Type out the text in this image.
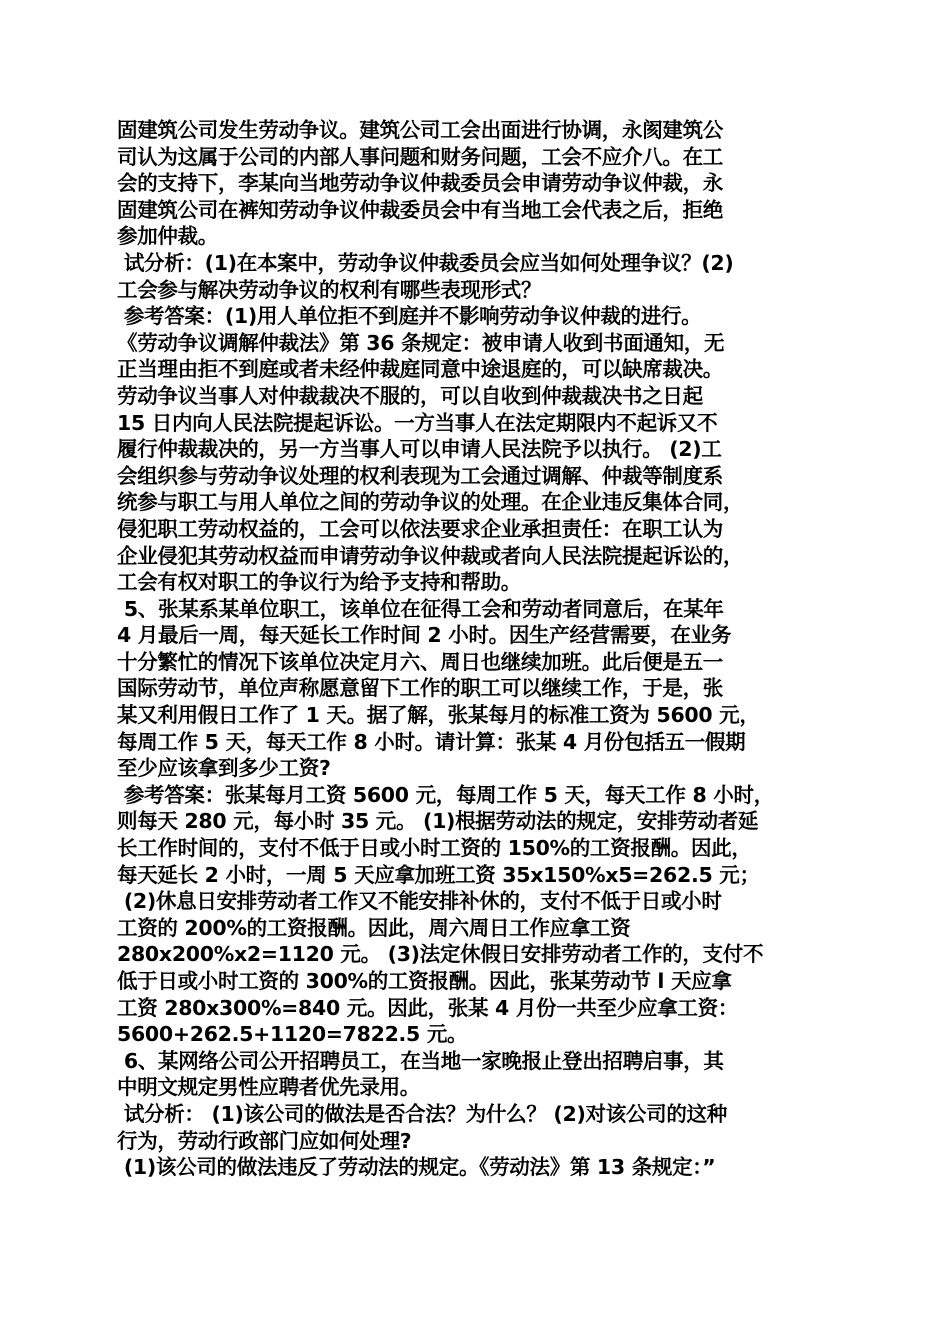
固建筑公司发生劳动争议。建筑公司工会出面进行协调，永阂建筑公
司认为这属于公司的内部人事问题和财务问题，工会不应介八。在工
会的支持下，李某向当地劳动争议仲裁委员会申请劳动争议仲裁，永
固建筑公司在裤知劳动争议仲裁委员会中有当地工会代表之后，拒绝
参加仲裁。
试分析：(1)在本案中，劳动争议仲裁委员会应当如何处理争议？(2)
工会参与解决劳动争议的权利有哪些表现形式？
参考答案：(1)用人单位拒不到庭并不影响劳动争议仲裁的进行。
《劳动争议调解仲裁法》第 36 条规定：被申请人收到书面通知，无
正当理由拒不到庭或者未经仲裁庭同意中途退庭的，可以缺席裁决。
劳动争议当事人对仲裁裁决不服的，可以自收到仲裁裁决书之日起
15 日内向人民法院提起诉讼。一方当事人在法定期限内不起诉又不
履行仲裁裁决的，另一方当事人可以申请人民法院予以执行。 (2)工
会组织参与劳动争议处理的权利表现为工会通过调解、仲裁等制度系
统参与职工与用人单位之间的劳动争议的处理。在企业违反集体合同，
侵犯职工劳动权益的，工会可以依法要求企业承担责任：在职工认为
企业侵犯其劳动权益而申请劳动争议仲裁或者向人民法院提起诉讼的，
工会有权对职工的争议行为给予支持和帮助。
5、张某系某单位职工，该单位在征得工会和劳动者同意后，在某年
4 月最后一周，每天延长工作时间 2 小时。因生产经营需要，在业务
十分繁忙的情况下该单位决定月六、周日也继续加班。此后便是五一
国际劳动节，单位声称愿意留下工作的职工可以继续工作，于是，张
某又利用假日工作了 1 天。据了解，张某每月的标准工资为 5600 元，
每周工作 5 天，每天工作 8 小时。请计算：张某 4 月份包括五一假期
至少应该拿到多少工资?
参考答案：张某每月工资 5600 元，每周工作 5 天，每天工作 8 小时，
则每天 280 元，每小时 35 元。 (1)根据劳动法的规定，安排劳动者延
长工作时间的，支付不低于日或小时工资的 150%的工资报酬。因此，
每天延长 2 小时，一周 5 天应拿加班工资 35x150%x5=262.5 元；
(2)休息日安排劳动者工作又不能安排补休的，支付不低于日或小时
工资的 200%的工资报酬。因此，周六周日工作应拿工资
280x200%x2=1120 元。 (3)法定休假日安排劳动者工作的，支付不
低于日或小时工资的 300%的工资报酬。因此，张某劳动节 l 天应拿
工资 280x300%=840 元。因此，张某 4 月份一共至少应拿工资：
5600+262.5+1120=7822.5 元。
6、某网络公司公开招聘员工，在当地一家晚报止登出招聘启事，其
中明文规定男性应聘者优先录用。
试分析： (1)该公司的做法是否合法？为什么？ (2)对该公司的这种
行为，劳动行政部门应如何处理?
(1)该公司的做法违反了劳动法的规定。《劳动法》第 13 条规定：”
